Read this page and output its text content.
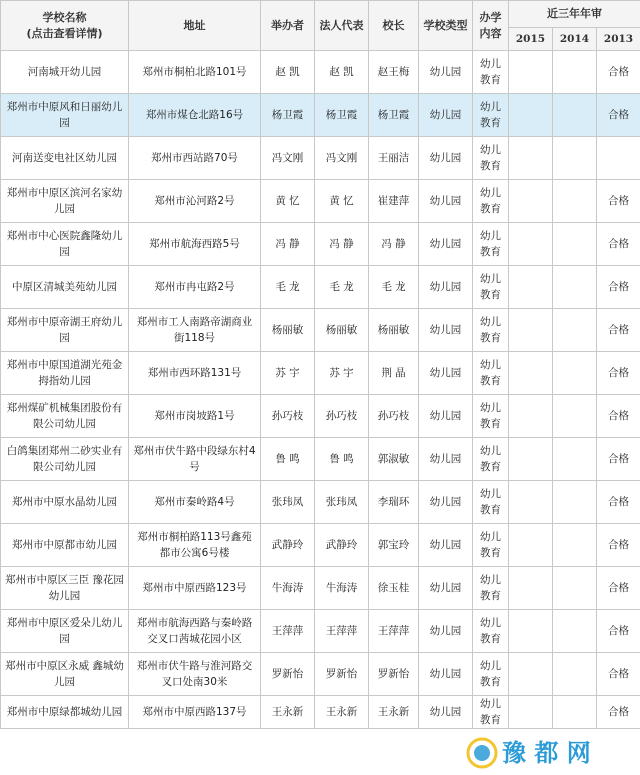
学校名称
(点击查看详情)	地址	举办者	法人代表	校长	学校类型	办学内容	近三年年审		
							2015	2014	2013
河南城开幼儿园	郑州市桐柏北路101号	赵 凯	赵 凯	赵王梅	幼儿园	幼儿教育			合格
郑州市中原风和日丽幼儿园	郑州市煤仓北路16号	杨卫霞	杨卫霞	杨卫霞	幼儿园	幼儿教育			合格
河南送变电社区幼儿园	郑州市西站路70号	冯文刚	冯文刚	王丽洁	幼儿园	幼儿教育			
郑州市中原区滨河名家幼儿园	郑州市沁河路2号	黄 忆	黄 忆	崔建萍	幼儿园	幼儿教育			合格
郑州市中心医院鑫隆幼儿园	郑州市航海西路5号	冯 静	冯 静	冯 静	幼儿园	幼儿教育			合格
中原区清城美苑幼儿园	郑州市冉屯路2号	毛 龙	毛 龙	毛 龙	幼儿园	幼儿教育			合格
郑州市中原帝湖王府幼儿园	郑州市工人南路帝湖商业街118号	杨丽敏	杨丽敏	杨丽敏	幼儿园	幼儿教育			合格
郑州市中原国道湖光苑金拇指幼儿园	郑州市西环路131号	苏 宇	苏 宇	荆 晶	幼儿园	幼儿教育			合格
郑州煤矿机械集团股份有限公司幼儿园	郑州市岗坡路1号	孙巧枝	孙巧枝	孙巧枝	幼儿园	幼儿教育			合格
白鸽集团郑州二砂实业有限公司幼儿园	郑州市伏牛路中段绿东村4号	鲁 鸣	鲁 鸣	郭淑敏	幼儿园	幼儿教育			合格
郑州市中原水晶幼儿园	郑州市秦岭路4号	张玮凤	张玮凤	李瑞环	幼儿园	幼儿教育			合格
郑州市中原都市幼儿园	郑州市桐柏路113号鑫苑都市公寓6号楼	武静玲	武静玲	郭宝玲	幼儿园	幼儿教育			合格
郑州市中原区三臣 豫花园幼儿园	郑州市中原西路123号	牛海涛	牛海涛	徐玉桂	幼儿园	幼儿教育			合格
郑州市中原区爱朵儿幼儿园	郑州市航海西路与秦岭路交叉口茜城花园小区	王萍萍	王萍萍	王萍萍	幼儿园	幼儿教育			合格
郑州市中原区永威 鑫城幼儿园	郑州市伏牛路与淮河路交叉口处南30米	罗新怡	罗新怡	罗新怡	幼儿园	幼儿教育			合格
郑州市中原绿都城幼儿园	郑州市中原西路137号	王永新	王永新	王永新	幼儿园	幼儿教育			合格
豫 都 网
